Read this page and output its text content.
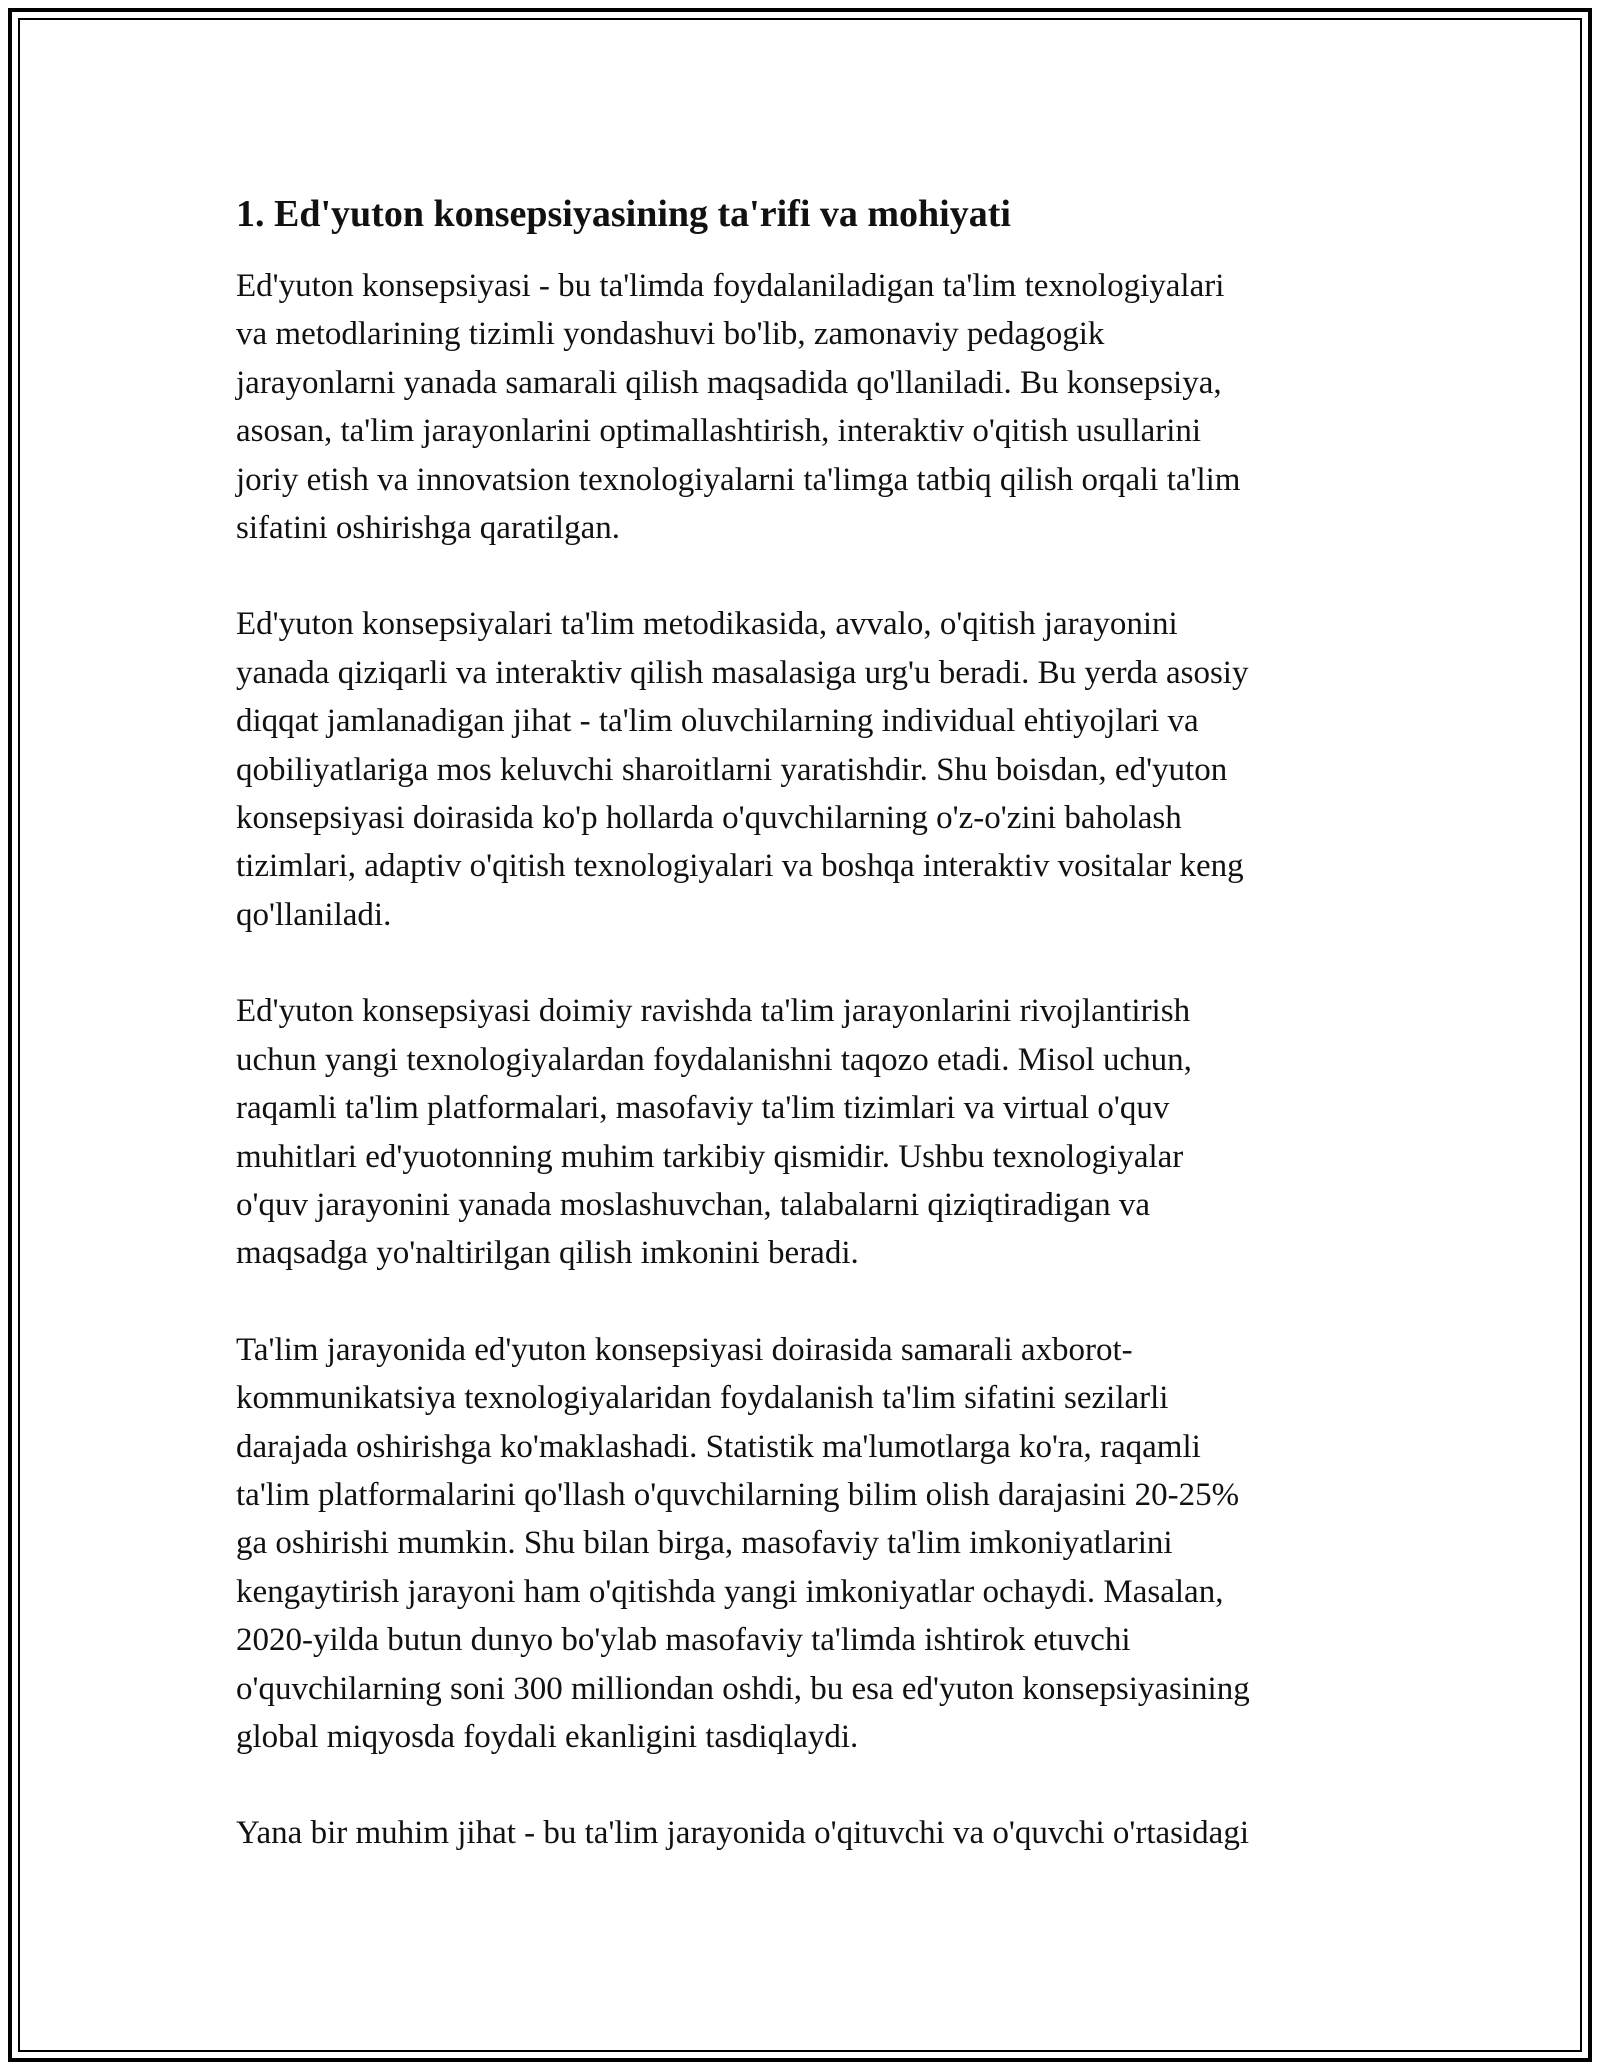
1. Ed'yuton konsepsiyasining ta'rifi va mohiyati

Ed'yuton konsepsiyasi - bu ta'limda foydalaniladigan ta'lim texnologiyalari
va metodlarining tizimli yondashuvi bo'lib, zamonaviy pedagogik
jarayonlarni yanada samarali qilish maqsadida qo'llaniladi. Bu konsepsiya,
asosan, ta'lim jarayonlarini optimallashtirish, interaktiv o'qitish usullarini
joriy etish va innovatsion texnologiyalarni ta'limga tatbiq qilish orqali ta'lim
sifatini oshirishga qaratilgan.

Ed'yuton konsepsiyalari ta'lim metodikasida, avvalo, o'qitish jarayonini
yanada qiziqarli va interaktiv qilish masalasiga urg'u beradi. Bu yerda asosiy
diqqat jamlanadigan jihat - ta'lim oluvchilarning individual ehtiyojlari va
qobiliyatlariga mos keluvchi sharoitlarni yaratishdir. Shu boisdan, ed'yuton
konsepsiyasi doirasida ko'p hollarda o'quvchilarning o'z-o'zini baholash
tizimlari, adaptiv o'qitish texnologiyalari va boshqa interaktiv vositalar keng
qo'llaniladi.

Ed'yuton konsepsiyasi doimiy ravishda ta'lim jarayonlarini rivojlantirish
uchun yangi texnologiyalardan foydalanishni taqozo etadi. Misol uchun,
raqamli ta'lim platformalari, masofaviy ta'lim tizimlari va virtual o'quv
muhitlari ed'yuotonning muhim tarkibiy qismidir. Ushbu texnologiyalar
o'quv jarayonini yanada moslashuvchan, talabalarni qiziqtiradigan va
maqsadga yo'naltirilgan qilish imkonini beradi.

Ta'lim jarayonida ed'yuton konsepsiyasi doirasida samarali axborot-
kommunikatsiya texnologiyalaridan foydalanish ta'lim sifatini sezilarli
darajada oshirishga ko'maklashadi. Statistik ma'lumotlarga ko'ra, raqamli
ta'lim platformalarini qo'llash o'quvchilarning bilim olish darajasini 20-25%
ga oshirishi mumkin. Shu bilan birga, masofaviy ta'lim imkoniyatlarini
kengaytirish jarayoni ham o'qitishda yangi imkoniyatlar ochaydi. Masalan,
2020-yilda butun dunyo bo'ylab masofaviy ta'limda ishtirok etuvchi
o'quvchilarning soni 300 milliondan oshdi, bu esa ed'yuton konsepsiyasining
global miqyosda foydali ekanligini tasdiqlaydi.

Yana bir muhim jihat - bu ta'lim jarayonida o'qituvchi va o'quvchi o'rtasidagi
